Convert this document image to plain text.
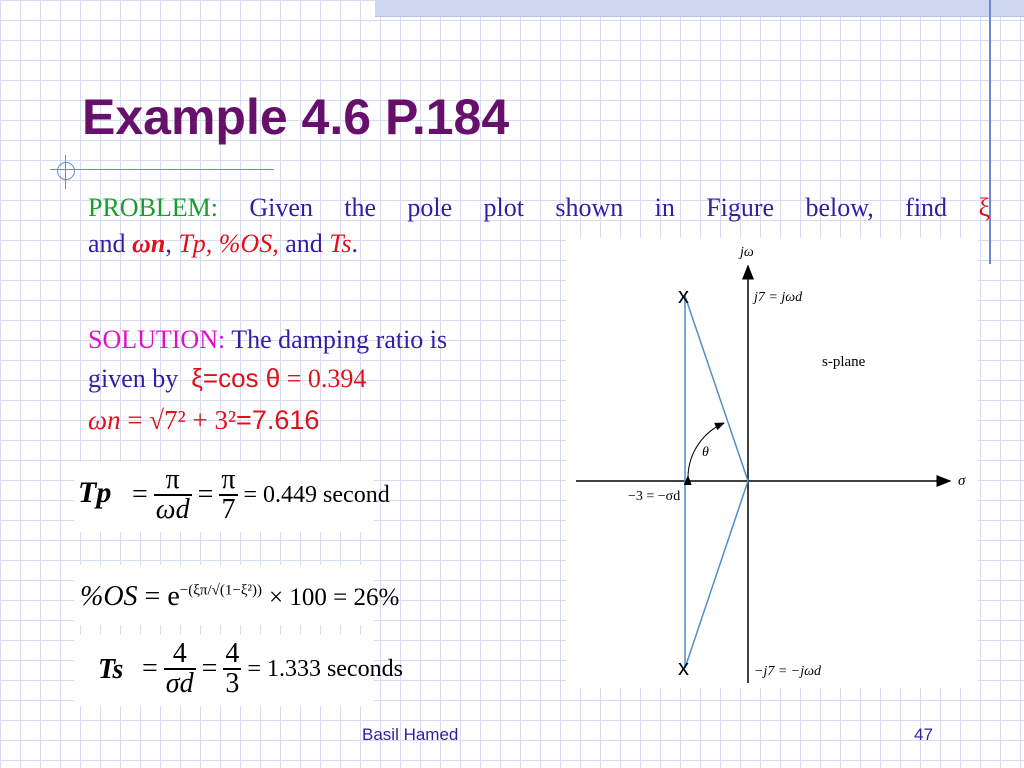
Example 4.6 P.184
PROBLEM: Given the pole plot shown in Figure below, find ξ
and ωn, Tp, %OS, and Ts.
SOLUTION: The damping ratio is
given by ξ=cos θ = 0.394
ωn = √7² + 3²=7.616
$Tp = \frac{\pi}{\omega d} = \frac{\pi}{7} = 0.449$ second
$\%OS = e^{-(\xi\pi/√(1-\xi^2))} \times 100 = 26\%$
$Ts = \frac{4}{\sigma d} = \frac{4}{3} = 1.333$ seconds
x
x
jω
σ
j7 = jωd
−j7 = −jωd
−3 = −σd
s-plane
θ
Basil Hamed	47
